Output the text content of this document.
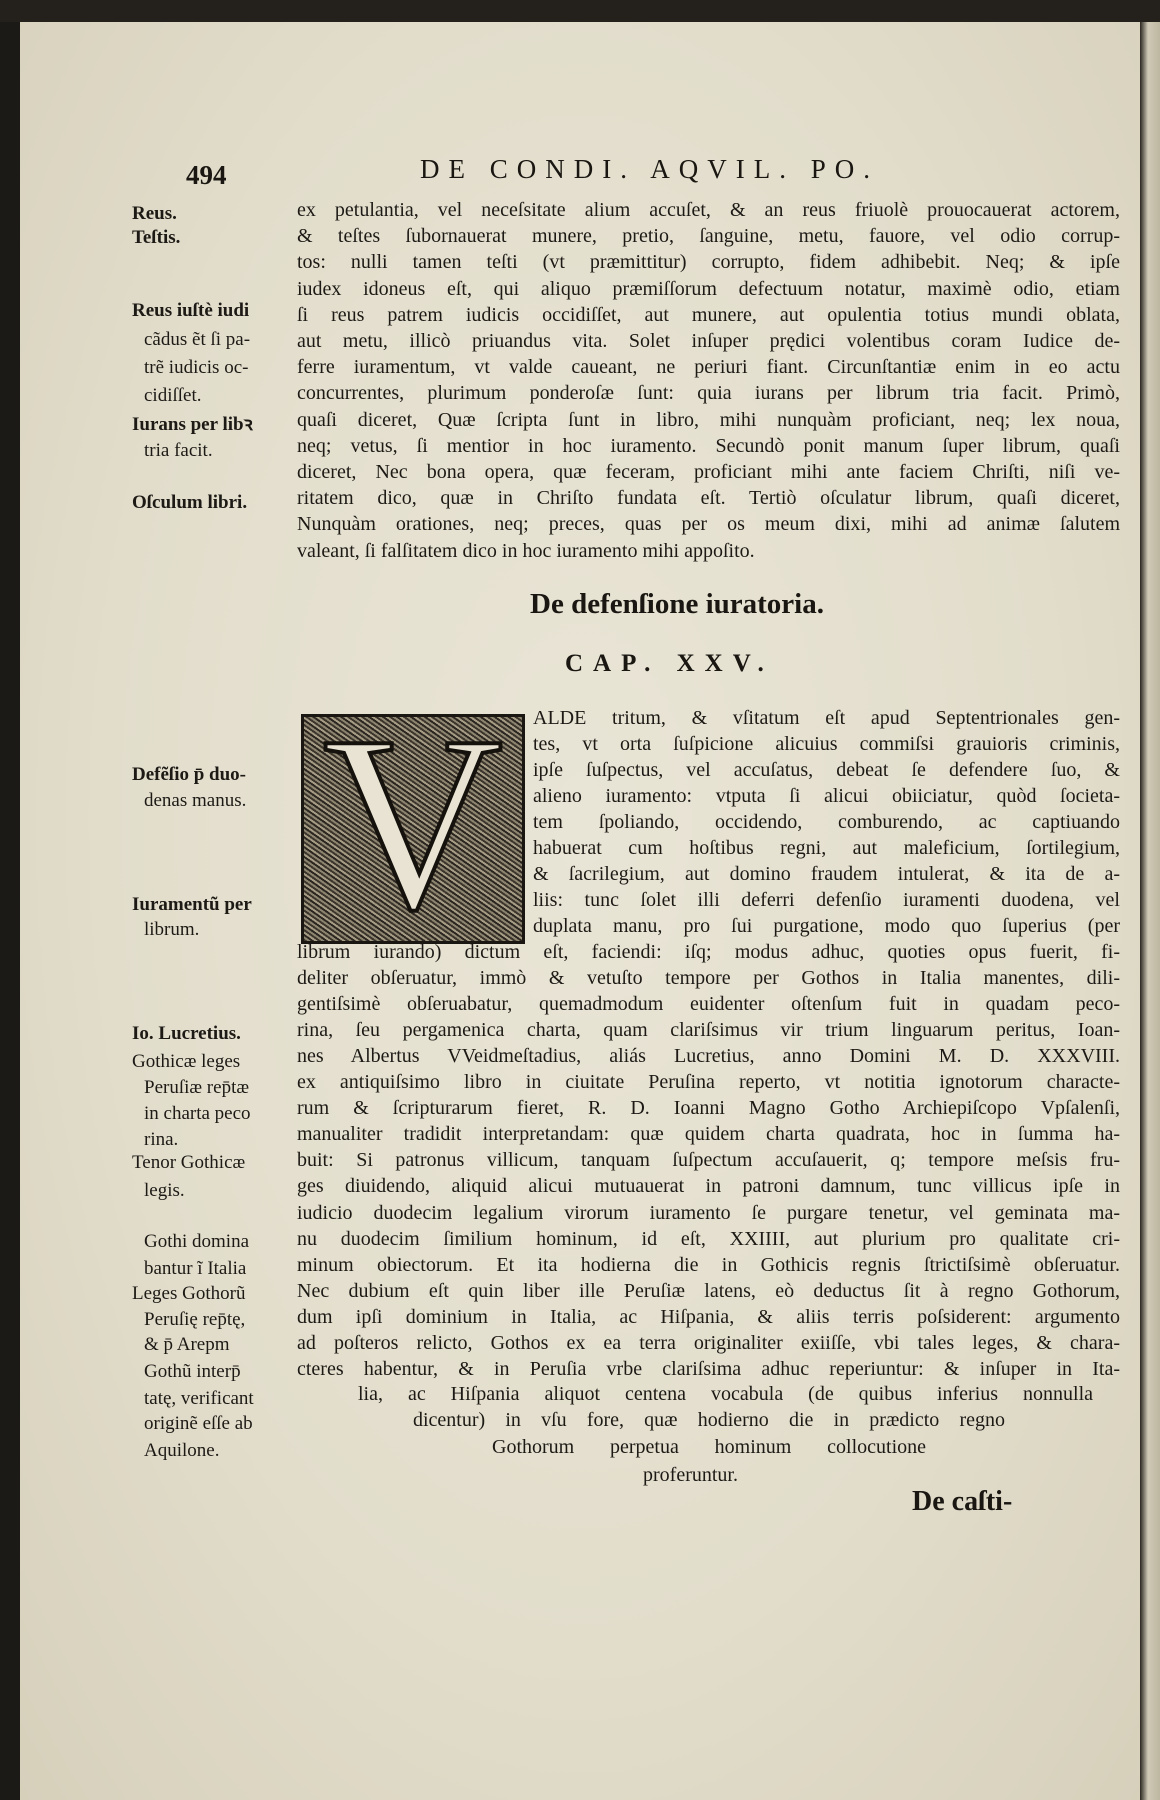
494	DE CONDI. AQVIL. PO.
De defenſione iuratoria.
CAP. XXV.
V
De caſti-
ex petulantia, vel neceſsitate alium accuſet, & an reus friuolè prouocauerat actorem,
& teſtes ſubornauerat munere, pretio, ſanguine, metu, fauore, vel odio corrup-
tos: nulli tamen teſti (vt præmittitur) corrupto, fidem adhibebit. Neq; & ipſe
iudex idoneus eſt, qui aliquo præmiſſorum defectuum notatur, maximè odio, etiam
ſi reus patrem iudicis occidiſſet, aut munere, aut opulentia totius mundi oblata,
aut metu, illicò priuandus vita. Solet inſuper prędici volentibus coram Iudice de-
ferre iuramentum, vt valde caueant, ne periuri fiant. Circunſtantiæ enim in eo actu
concurrentes, plurimum ponderoſæ ſunt: quia iurans per librum tria facit. Primò,
quaſi diceret, Quæ ſcripta ſunt in libro, mihi nunquàm proficiant, neq; lex noua,
neq; vetus, ſi mentior in hoc iuramento. Secundò ponit manum ſuper librum, quaſi
diceret, Nec bona opera, quæ feceram, proficiant mihi ante faciem Chriſti, niſi ve-
ritatem dico, quæ in Chriſto fundata eſt. Tertiò oſculatur librum, quaſi diceret,
Nunquàm orationes, neq; preces, quas per os meum dixi, mihi ad animæ ſalutem
valeant, ſi falſitatem dico in hoc iuramento mihi appoſito.
ALDE tritum, & vſitatum eſt apud Septentrionales gen-
tes, vt orta ſuſpicione alicuius commiſsi grauioris criminis,
ipſe ſuſpectus, vel accuſatus, debeat ſe defendere ſuo, &
alieno iuramento: vtputa ſi alicui obiiciatur, quòd ſocieta-
tem ſpoliando, occidendo, comburendo, ac captiuando
habuerat cum hoſtibus regni, aut maleficium, ſortilegium,
& ſacrilegium, aut domino fraudem intulerat, & ita de a-
liis: tunc ſolet illi deferri defenſio iuramenti duodena, vel
duplata manu, pro ſui purgatione, modo quo ſuperius (per
librum iurando) dictum eſt, faciendi: iſq; modus adhuc, quoties opus fuerit, fi-
deliter obſeruatur, immò & vetuſto tempore per Gothos in Italia manentes, dili-
gentiſsimè obſeruabatur, quemadmodum euidenter oſtenſum fuit in quadam peco-
rina, ſeu pergamenica charta, quam clariſsimus vir trium linguarum peritus, Ioan-
nes Albertus VVeidmeſtadius, aliás Lucretius, anno Domini M. D. XXXVIII.
ex antiquiſsimo libro in ciuitate Peruſina reperto, vt notitia ignotorum characte-
rum & ſcripturarum fieret, R. D. Ioanni Magno Gotho Archiepiſcopo Vpſalenſi,
manualiter tradidit interpretandam: quæ quidem charta quadrata, hoc in ſumma ha-
buit: Si patronus villicum, tanquam ſuſpectum accuſauerit, q; tempore meſsis fru-
ges diuidendo, aliquid alicui mutuauerat in patroni damnum, tunc villicus ipſe in
iudicio duodecim legalium virorum iuramento ſe purgare tenetur, vel geminata ma-
nu duodecim ſimilium hominum, id eſt, XXIIII, aut plurium pro qualitate cri-
minum obiectorum. Et ita hodierna die in Gothicis regnis ſtrictiſsimè obſeruatur.
Nec dubium eſt quin liber ille Peruſiæ latens, eò deductus ſit à regno Gothorum,
dum ipſi dominium in Italia, ac Hiſpania, & aliis terris poſsiderent: argumento
ad poſteros relicto, Gothos ex ea terra originaliter exiiſſe, vbi tales leges, & chara-
cteres habentur, & in Peruſia vrbe clariſsima adhuc reperiuntur: & inſuper in Ita-
lia, ac Hiſpania aliquot centena vocabula (de quibus inferius nonnulla
dicentur) in vſu fore, quæ hodierno die in prædicto regno
Gothorum perpetua hominum collocutione
proferuntur.
Reus.
Teſtis.
Reus iuſtè iudi
cãdus ẽt ſi pa-
trẽ iudicis oc-
cidiſſet.
Iurans per libꝛ
tria facit.
Oſculum libri.
Defẽſio p̄ duo-
denas manus.
Iuramentũ per
librum.
Io. Lucretius.
Gothicæ leges
Peruſiæ rep̄tæ
in charta peco
rina.
Tenor Gothicæ
legis.
Gothi domina
bantur ĩ Italia
Leges Gothorũ
Peruſię rep̄tę,
& p̄ Arepm
Gothũ interp̄
tatę, verificant
originẽ eſſe ab
Aquilone.
